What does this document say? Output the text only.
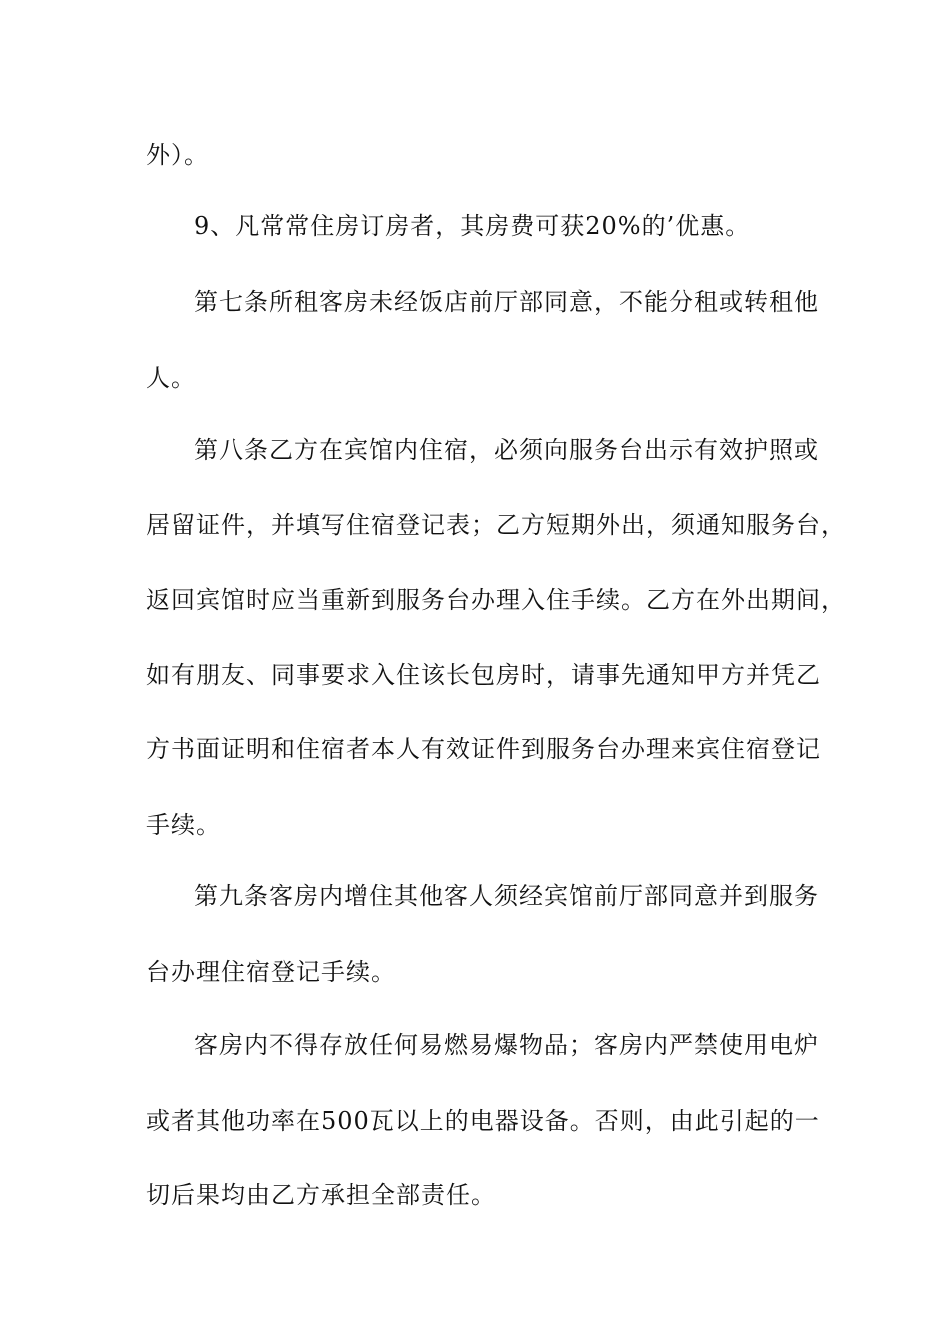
外）。
9、凡常常住房订房者，其房费可获20%的’优惠。
第七条所租客房未经饭店前厅部同意，不能分租或转租他
人。
第八条乙方在宾馆内住宿，必须向服务台出示有效护照或
居留证件，并填写住宿登记表；乙方短期外出，须通知服务台，
返回宾馆时应当重新到服务台办理入住手续。乙方在外出期间，
如有朋友、同事要求入住该长包房时，请事先通知甲方并凭乙
方书面证明和住宿者本人有效证件到服务台办理来宾住宿登记
手续。
第九条客房内增住其他客人须经宾馆前厅部同意并到服务
台办理住宿登记手续。
客房内不得存放任何易燃易爆物品；客房内严禁使用电炉
或者其他功率在500瓦以上的电器设备。否则，由此引起的一
切后果均由乙方承担全部责任。
